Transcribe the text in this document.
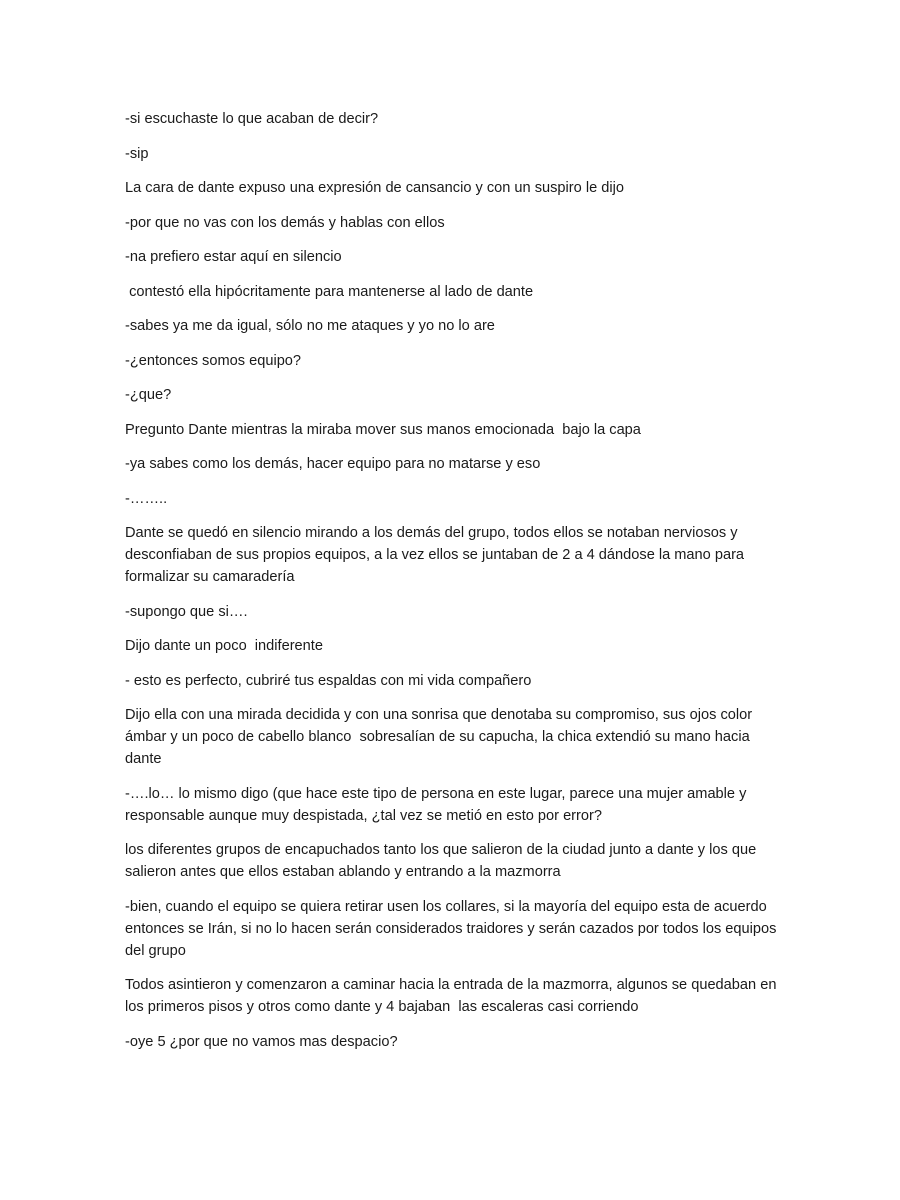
-si escuchaste lo que acaban de decir?

-sip

La cara de dante expuso una expresión de cansancio y con un suspiro le dijo

-por que no vas con los demás y hablas con ellos

-na prefiero estar aquí en silencio

contestó ella hipócritamente para mantenerse al lado de dante

-sabes ya me da igual, sólo no me ataques y yo no lo are

-¿entonces somos equipo?

-¿que?

Pregunto Dante mientras la miraba mover sus manos emocionada  bajo la capa

-ya sabes como los demás, hacer equipo para no matarse y eso

-……..

Dante se quedó en silencio mirando a los demás del grupo, todos ellos se notaban nerviosos y desconfiaban de sus propios equipos, a la vez ellos se juntaban de 2 a 4 dándose la mano para formalizar su camaradería

-supongo que si….

Dijo dante un poco  indiferente

- esto es perfecto, cubriré tus espaldas con mi vida compañero

Dijo ella con una mirada decidida y con una sonrisa que denotaba su compromiso, sus ojos color ámbar y un poco de cabello blanco  sobresalían de su capucha, la chica extendió su mano hacia dante

-….lo… lo mismo digo (que hace este tipo de persona en este lugar, parece una mujer amable y responsable aunque muy despistada, ¿tal vez se metió en esto por error?

los diferentes grupos de encapuchados tanto los que salieron de la ciudad junto a dante y los que salieron antes que ellos estaban ablando y entrando a la mazmorra

-bien, cuando el equipo se quiera retirar usen los collares, si la mayoría del equipo esta de acuerdo entonces se Irán, si no lo hacen serán considerados traidores y serán cazados por todos los equipos del grupo

Todos asintieron y comenzaron a caminar hacia la entrada de la mazmorra, algunos se quedaban en los primeros pisos y otros como dante y 4 bajaban  las escaleras casi corriendo

-oye 5 ¿por que no vamos mas despacio?
